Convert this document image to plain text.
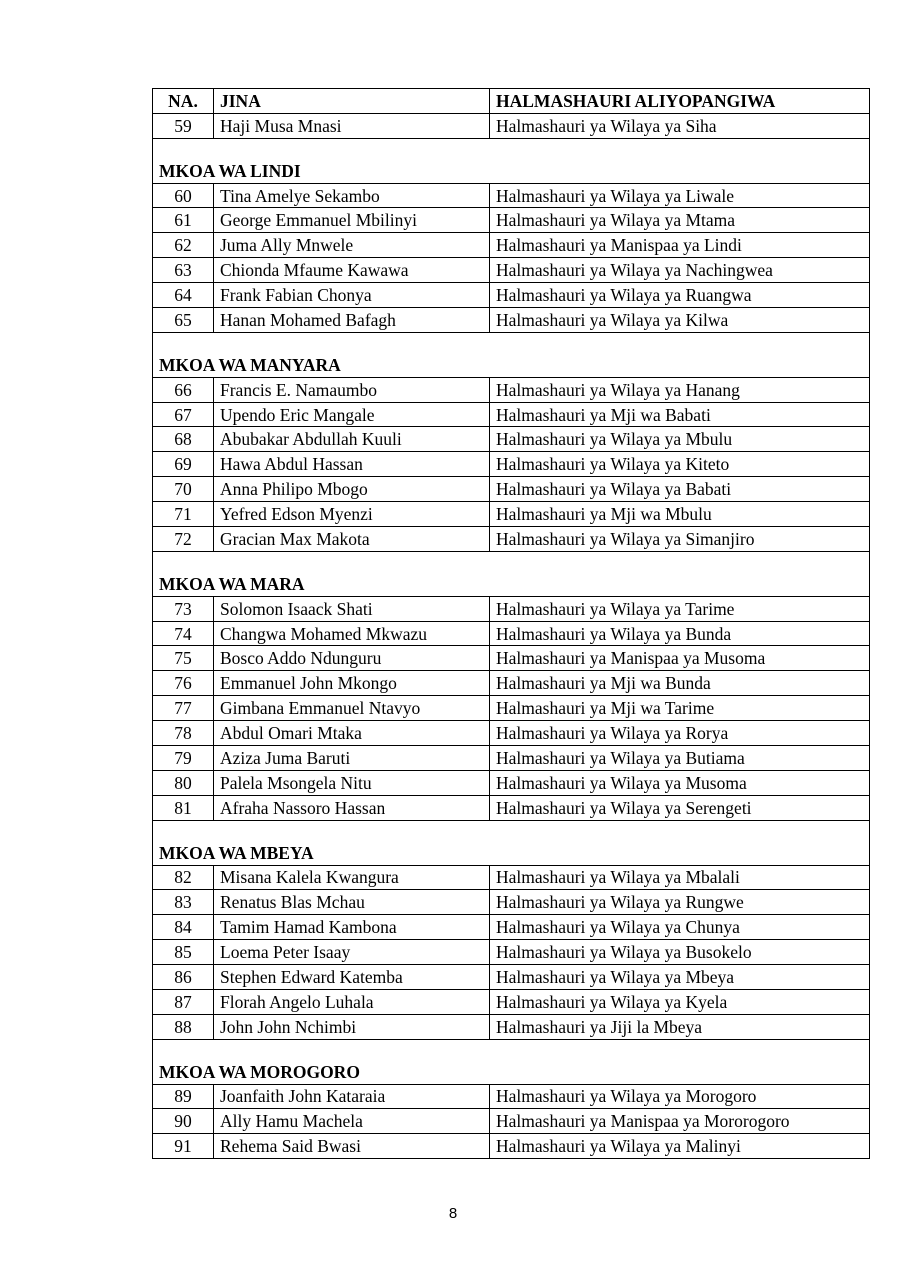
NA.	JINA	HALMASHAURI ALIYOPANGIWA
59	Haji Musa Mnasi	Halmashauri ya Wilaya ya Siha

MKOA WA LINDI		
60	Tina Amelye Sekambo	Halmashauri ya Wilaya ya Liwale
61	George Emmanuel Mbilinyi	Halmashauri ya Wilaya ya Mtama
62	Juma Ally Mnwele	Halmashauri ya Manispaa ya Lindi
63	Chionda Mfaume Kawawa	Halmashauri ya Wilaya ya Nachingwea
64	Frank Fabian Chonya	Halmashauri ya Wilaya ya Ruangwa
65	Hanan Mohamed Bafagh	Halmashauri ya Wilaya ya Kilwa

MKOA WA MANYARA		
66	Francis E. Namaumbo	Halmashauri ya Wilaya ya Hanang
67	Upendo Eric Mangale	Halmashauri ya Mji wa Babati
68	Abubakar Abdullah Kuuli	Halmashauri ya Wilaya ya Mbulu
69	Hawa Abdul Hassan	Halmashauri ya Wilaya ya Kiteto
70	Anna Philipo Mbogo	Halmashauri ya Wilaya ya Babati
71	Yefred Edson Myenzi	Halmashauri ya Mji wa Mbulu
72	Gracian Max Makota	Halmashauri ya Wilaya ya Simanjiro

MKOA WA MARA		
73	Solomon Isaack Shati	Halmashauri ya Wilaya ya Tarime
74	Changwa Mohamed Mkwazu	Halmashauri ya Wilaya ya Bunda
75	Bosco Addo Ndunguru	Halmashauri ya Manispaa ya Musoma
76	Emmanuel John Mkongo	Halmashauri ya Mji wa Bunda
77	Gimbana Emmanuel Ntavyo	Halmashauri ya Mji wa Tarime
78	Abdul Omari Mtaka	Halmashauri ya Wilaya ya Rorya
79	Aziza Juma Baruti	Halmashauri ya Wilaya ya Butiama
80	Palela Msongela Nitu	Halmashauri ya Wilaya ya Musoma
81	Afraha Nassoro Hassan	Halmashauri ya Wilaya ya Serengeti

MKOA WA MBEYA		
82	Misana Kalela Kwangura	Halmashauri ya Wilaya ya Mbalali
83	Renatus Blas Mchau	Halmashauri ya Wilaya ya Rungwe
84	Tamim Hamad Kambona	Halmashauri ya Wilaya ya Chunya
85	Loema Peter Isaay	Halmashauri ya Wilaya ya Busokelo
86	Stephen Edward Katemba	Halmashauri ya Wilaya ya Mbeya
87	Florah Angelo Luhala	Halmashauri ya Wilaya ya Kyela
88	John John Nchimbi	Halmashauri ya Jiji la Mbeya

MKOA WA MOROGORO		
89	Joanfaith John Kataraia	Halmashauri ya Wilaya ya Morogoro
90	Ally Hamu Machela	Halmashauri ya Manispaa ya Mororogoro
91	Rehema Said Bwasi	Halmashauri ya Wilaya ya Malinyi
8
